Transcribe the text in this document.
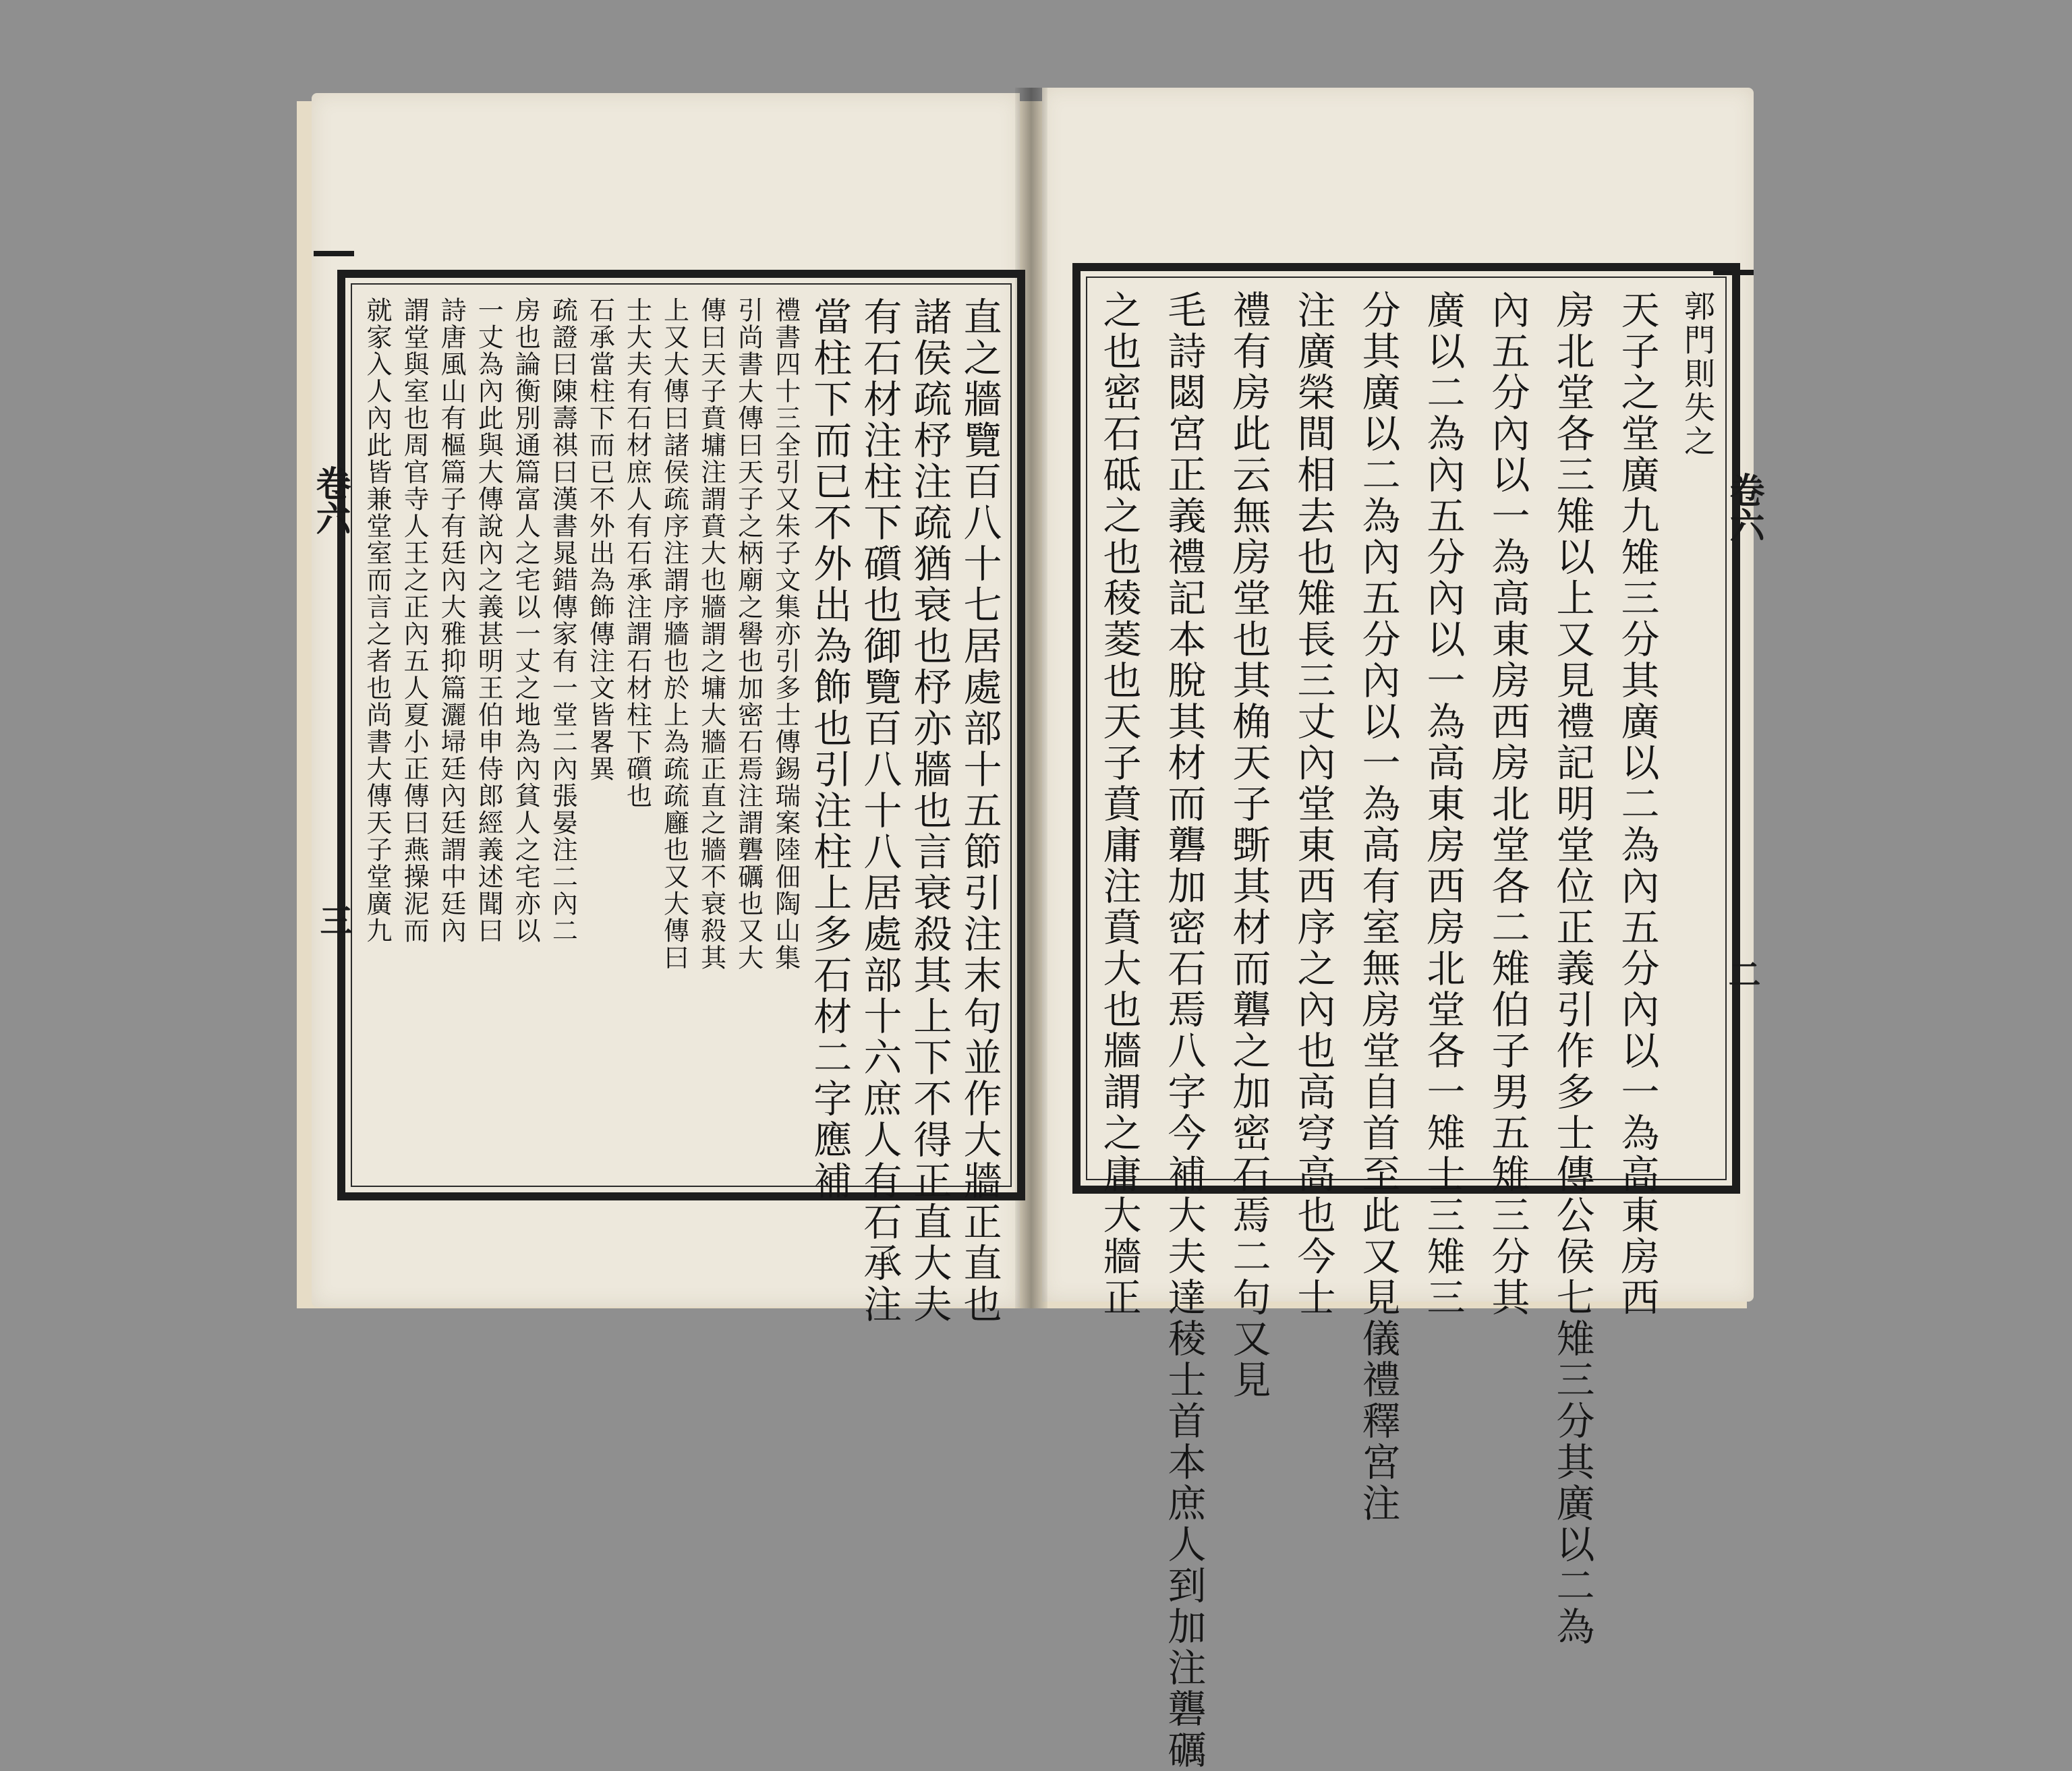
直之牆覽百八十七居處部十五節引注末句並作大牆正直也
諸侯疏杼注疏猶衰也杼亦牆也言衰殺其上下不得正直大夫
有石材注柱下礩也御覽百八十八居處部十六庶人有石承注
當柱下而已不外出為飾也引注柱上多石材二字應補
禮書四十三全引又朱子文集亦引多士傳錫瑞案陸佃陶山集
引尚書大傳曰天子之柄廟之嚳也加密石焉注謂礱礪也又大
傳曰天子賁墉注謂賁大也牆謂之墉大牆正直之牆不衰殺其
上又大傳曰諸侯疏序注謂序牆也於上為疏疏廱也又大傳曰
士大夫有石材庶人有石承注謂石材柱下礩也
石承當柱下而已不外出為飾傳注文皆畧異
疏證曰陳壽祺曰漢書晁錯傳家有一堂二內張晏注二內二
房也論衡別通篇富人之宅以一丈之地為內貧人之宅亦以
一丈為內此與大傳說內之義甚明王伯申侍郎經義述聞曰
詩唐風山有樞篇子有廷內大雅抑篇灑埽廷內廷謂中廷內
謂堂與室也周官寺人王之正內五人夏小正傳曰燕操泥而
就家入人內此皆兼堂室而言之者也尚書大傳天子堂廣九	郭門則失之
天子之堂廣九雉三分其廣以二為內五分內以一為高東房西
房北堂各三雉以上又見禮記明堂位正義引作多士傳公侯七雉三分其廣以二為
內五分內以一為高東房西房北堂各二雉伯子男五雉三分其
廣以二為內五分內以一為高東房西房北堂各一雉士三雉三
分其廣以二為內五分內以一為高有室無房堂自首至此又見儀禮釋宮注
注廣榮間相去也雉長三丈內堂東西序之內也高穹高也今士
禮有房此云無房堂也其桷天子斲其材而礱之加密石焉二句又見
毛詩閟宮正義禮記本脫其材而礱加密石焉八字今補大夫達稜士首本庶人到加注礱礪
之也密石砥之也稜菱也天子賁庸注賁大也牆謂之庸大牆正
卷六
三
卷六
二
